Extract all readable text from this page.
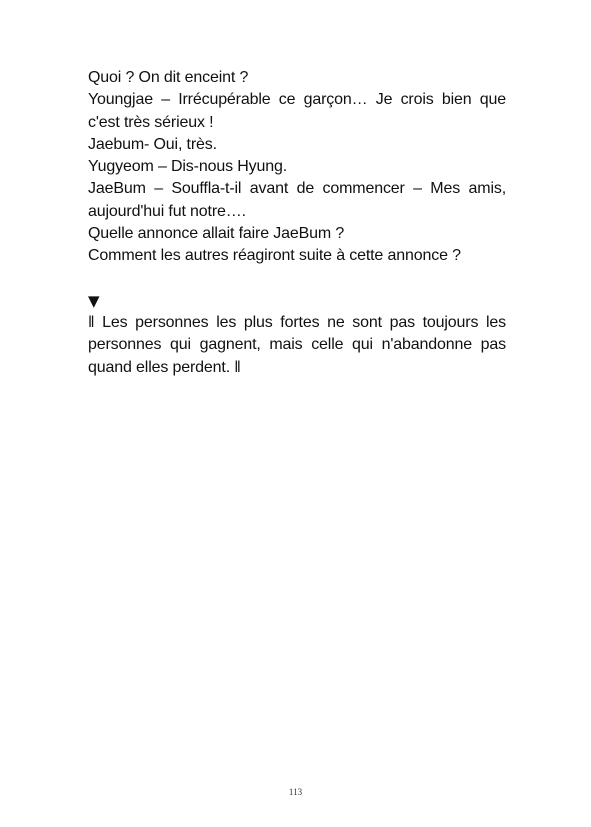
Quoi ? On dit enceint ?

Youngjae – Irrécupérable ce garçon… Je crois bien que c'est très sérieux !

Jaebum- Oui, très.

Yugyeom – Dis-nous Hyung.

JaeBum – Souffla-t-il avant de commencer – Mes amis, aujourd'hui fut notre….

Quelle annonce allait faire JaeBum ?

Comment les autres réagiront suite à cette annonce ?

▼

‖ Les personnes les plus fortes ne sont pas toujours les personnes qui gagnent, mais celle qui n'abandonne pas quand elles perdent. ‖

113
